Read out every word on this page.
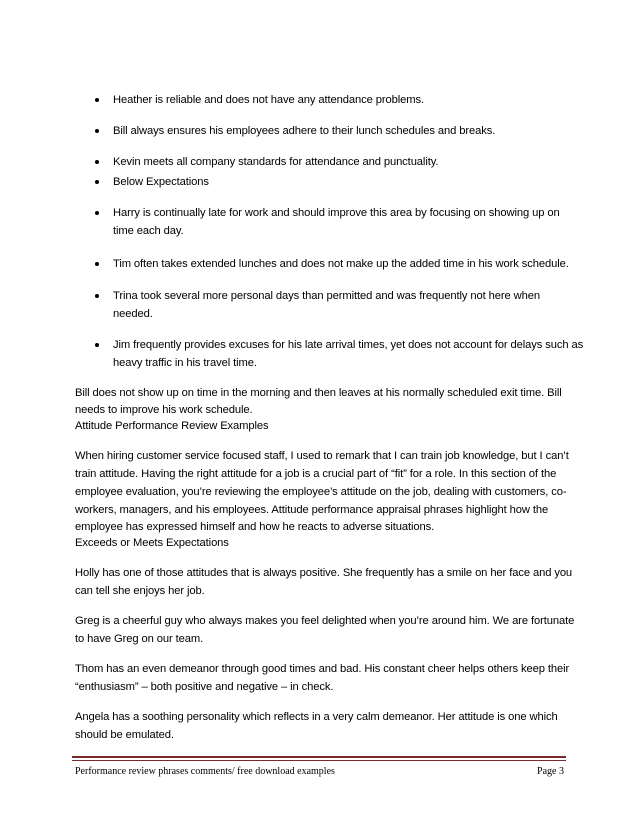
Heather is reliable and does not have any attendance problems.
Bill always ensures his employees adhere to their lunch schedules and breaks.
Kevin meets all company standards for attendance and punctuality.
Below Expectations
Harry is continually late for work and should improve this area by focusing on showing up on
time each day.
Tim often takes extended lunches and does not make up the added time in his work schedule.
Trina took several more personal days than permitted and was frequently not here when
needed.
Jim frequently provides excuses for his late arrival times, yet does not account for delays such as
heavy traffic in his travel time.
Bill does not show up on time in the morning and then leaves at his normally scheduled exit time. Bill
needs to improve his work schedule.
Attitude Performance Review Examples
When hiring customer service focused staff, I used to remark that I can train job knowledge, but I can’t
train attitude. Having the right attitude for a job is a crucial part of “fit” for a role. In this section of the
employee evaluation, you’re reviewing the employee’s attitude on the job, dealing with customers, co-
workers, managers, and his employees. Attitude performance appraisal phrases highlight how the
employee has expressed himself and how he reacts to adverse situations.
Exceeds or Meets Expectations
Holly has one of those attitudes that is always positive. She frequently has a smile on her face and you
can tell she enjoys her job.
Greg is a cheerful guy who always makes you feel delighted when you’re around him. We are fortunate
to have Greg on our team.
Thom has an even demeanor through good times and bad. His constant cheer helps others keep their
“enthusiasm” – both positive and negative – in check.
Angela has a soothing personality which reflects in a very calm demeanor. Her attitude is one which
should be emulated.
Performance review phrases comments/ free download examples	Page 3
